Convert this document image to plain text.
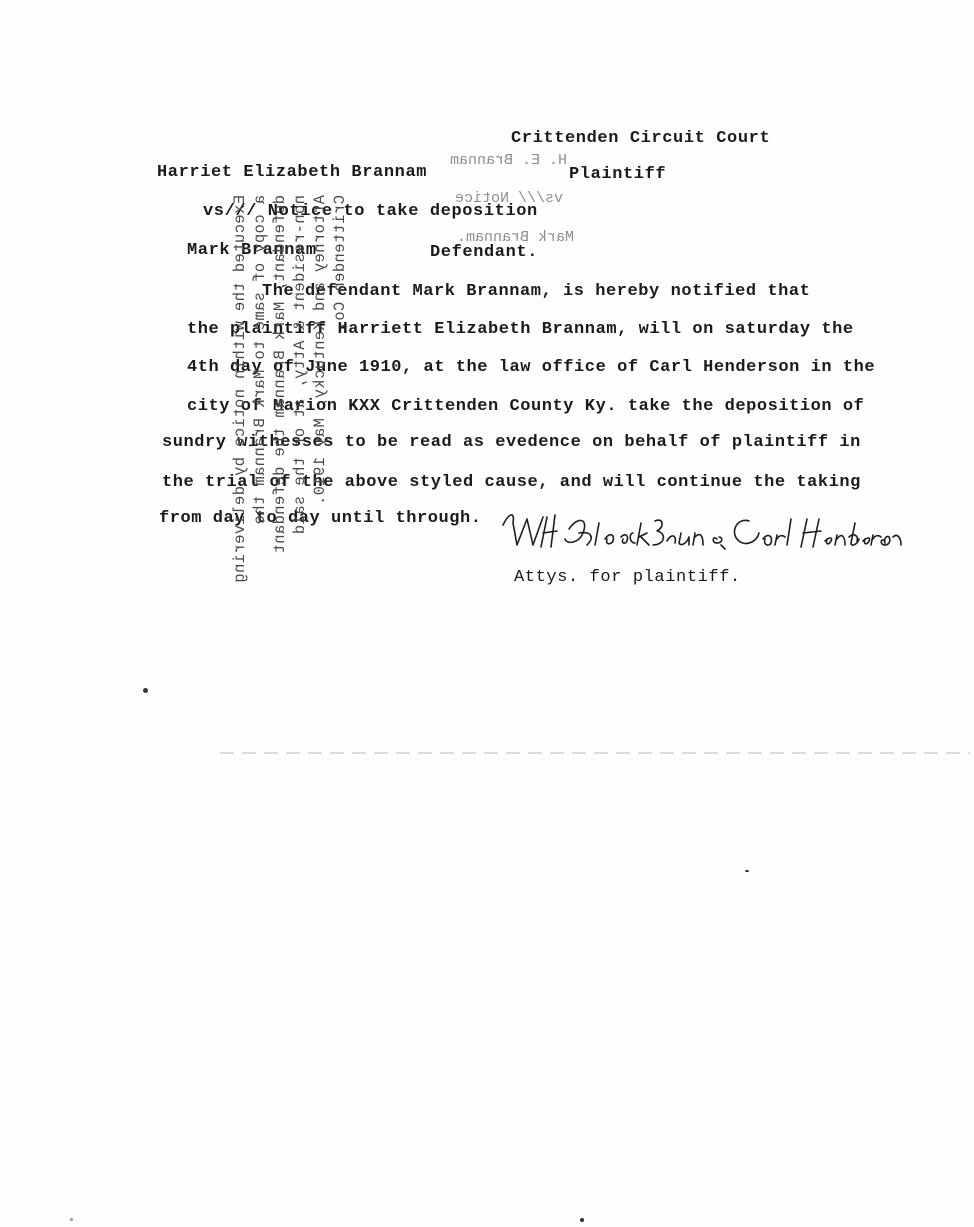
Crittenden Circuit Court
Harriet Elizabeth Brannam	Plaintiff
H. E. Brannam
vs/// Notice
Mark Brannam.
vs/// Notice to take deposition
Mark Brannam	Defendant.
The defendant Mark Brannam, is hereby notified that
the plaintiff Harriett Elizabeth Brannam, will on saturday the
4th day of June 1910, at the law office of Carl Henderson in the
city of Marion KXX Crittenden County Ky. take the deposition of
sundry withesses to be read as evedence on behalf of plaintiff in
the trial of the above styled cause, and will continue the taking
from day to day until through.
Attys. for plaintiff.
Executed the within notice by delivering a copy of same to Mark Brannam the defendant, Mark Brannam the defendant non-resident & Atty, at or the said Attorney and Kentucky, May 1910. Crittenden Co.
